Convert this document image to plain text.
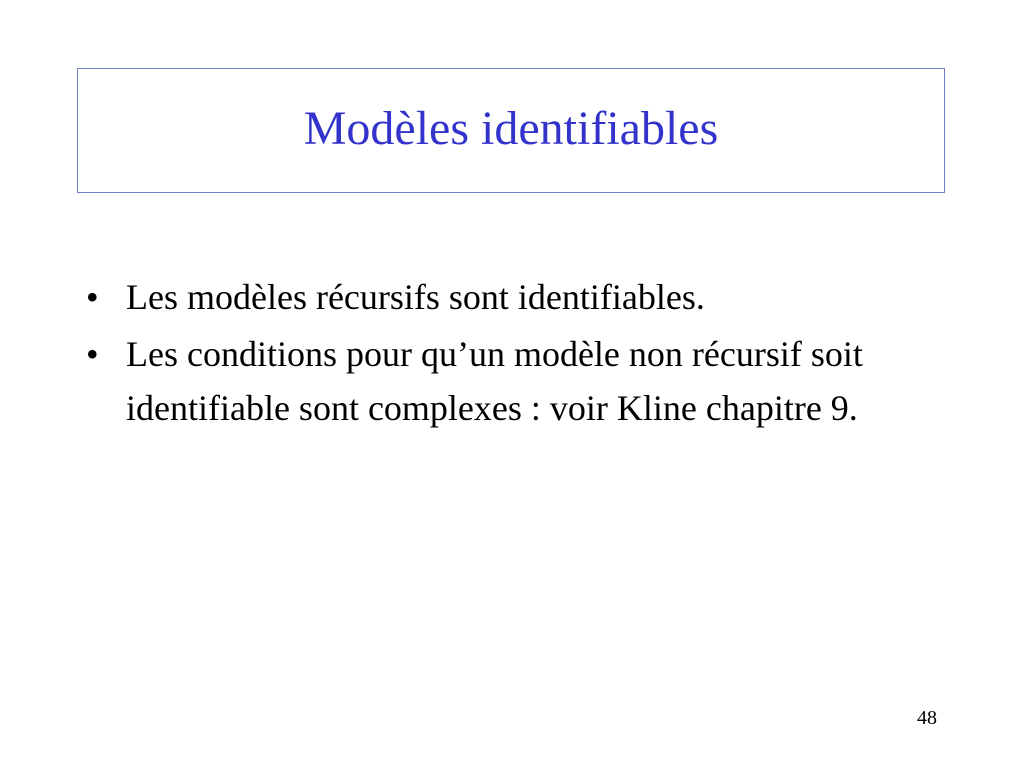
Modèles identifiables
• Les modèles récursifs sont identifiables.
• Les conditions pour qu’un modèle non récursif soit identifiable sont complexes : voir Kline chapitre 9.
48
